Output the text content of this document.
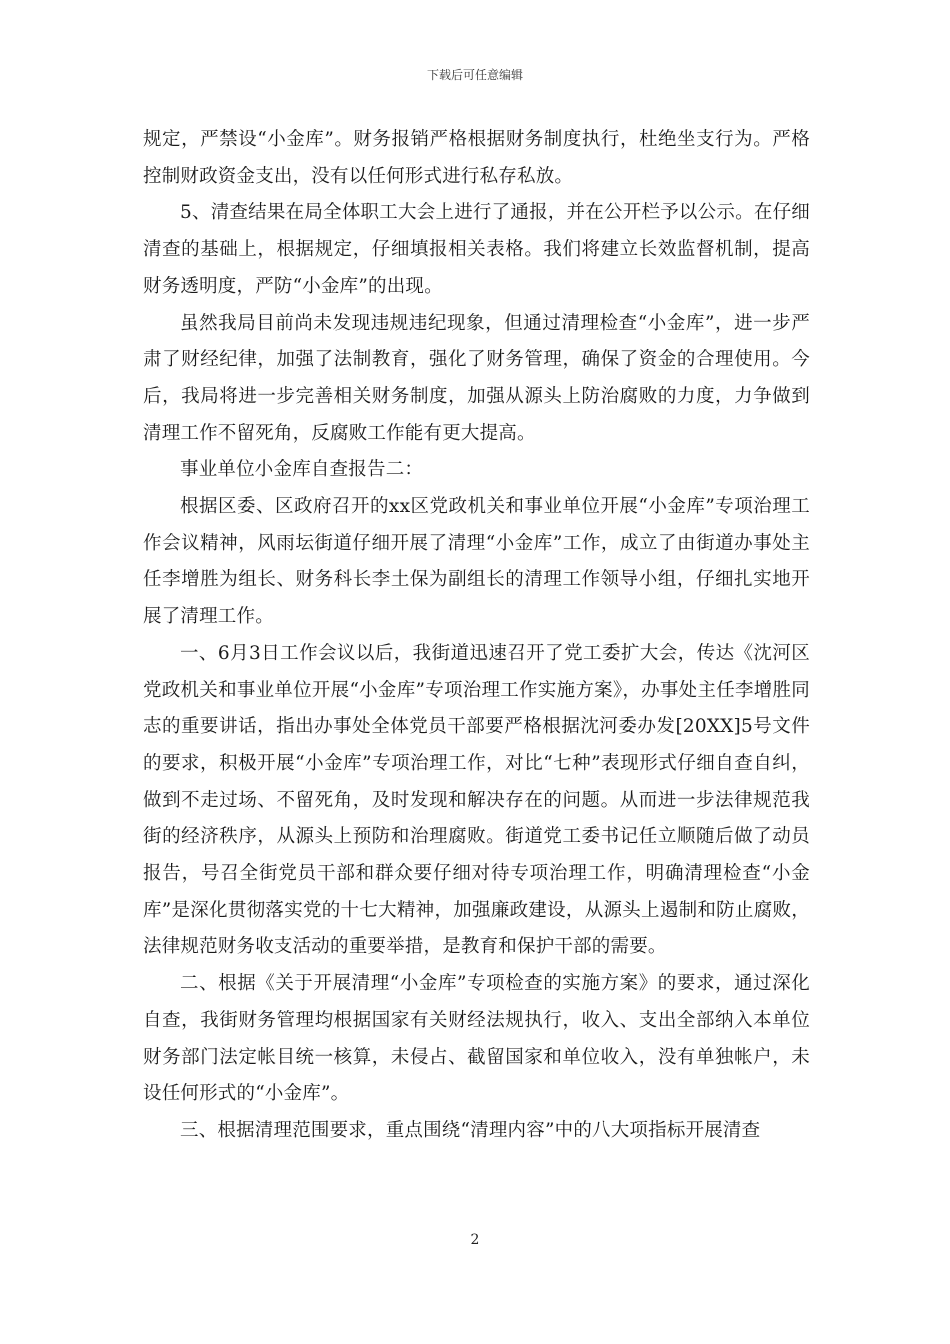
下载后可任意编辑

规定，严禁设“小金库”。财务报销严格根据财务制度执行，杜绝坐支行为。严格控制财政资金支出，没有以任何形式进行私存私放。

5、清查结果在局全体职工大会上进行了通报，并在公开栏予以公示。在仔细清查的基础上，根据规定，仔细填报相关表格。我们将建立长效监督机制，提高财务透明度，严防“小金库”的出现。

虽然我局目前尚未发现违规违纪现象，但通过清理检查“小金库”，进一步严肃了财经纪律，加强了法制教育，强化了财务管理，确保了资金的合理使用。今后，我局将进一步完善相关财务制度，加强从源头上防治腐败的力度，力争做到清理工作不留死角，反腐败工作能有更大提高。

事业单位小金库自查报告二：

根据区委、区政府召开的xx区党政机关和事业单位开展“小金库”专项治理工作会议精神，风雨坛街道仔细开展了清理“小金库”工作，成立了由街道办事处主任李增胜为组长、财务科长李土保为副组长的清理工作领导小组，仔细扎实地开展了清理工作。

一、6月3日工作会议以后，我街道迅速召开了党工委扩大会，传达《沈河区党政机关和事业单位开展“小金库”专项治理工作实施方案》，办事处主任李增胜同志的重要讲话，指出办事处全体党员干部要严格根据沈河委办发[20XX]5号文件的要求，积极开展“小金库”专项治理工作，对比“七种”表现形式仔细自查自纠，做到不走过场、不留死角，及时发现和解决存在的问题。从而进一步法律规范我街的经济秩序，从源头上预防和治理腐败。街道党工委书记任立顺随后做了动员报告，号召全街党员干部和群众要仔细对待专项治理工作，明确清理检查“小金库”是深化贯彻落实党的十七大精神，加强廉政建设，从源头上遏制和防止腐败，法律规范财务收支活动的重要举措，是教育和保护干部的需要。

二、根据《关于开展清理“小金库”专项检查的实施方案》的要求，通过深化自查，我街财务管理均根据国家有关财经法规执行，收入、支出全部纳入本单位财务部门法定帐目统一核算，未侵占、截留国家和单位收入，没有单独帐户，未设任何形式的“小金库”。

三、根据清理范围要求，重点围绕“清理内容”中的八大项指标开展清查

2
